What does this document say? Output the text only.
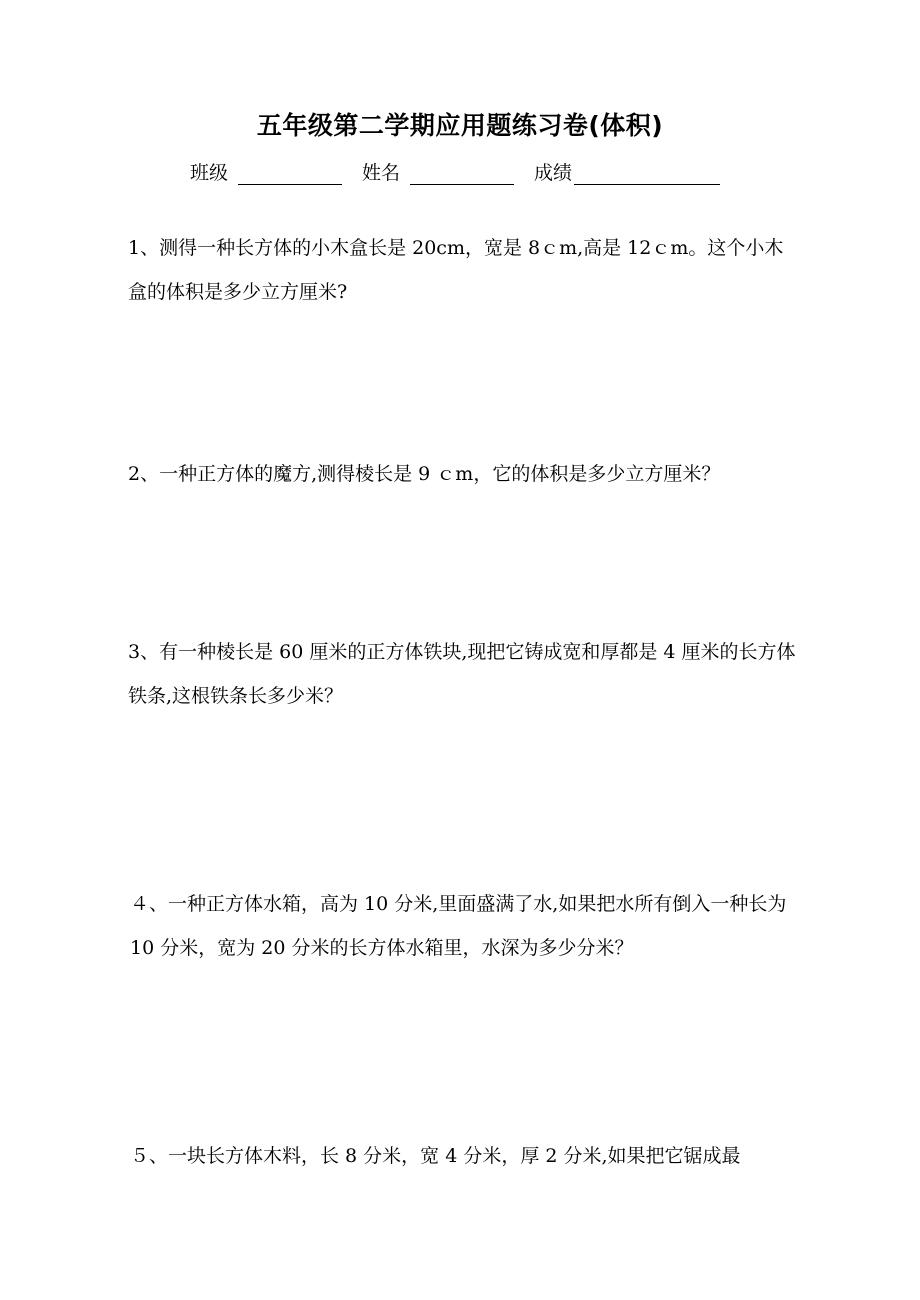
五年级第二学期应用题练习卷(体积)
班级	姓名	成绩

1、测得一种长方体的小木盒长是 20cm，宽是 8ｃm,高是 12ｃm。这个小木盒的体积是多少立方厘米?

2、一种正方体的魔方,测得棱长是 9 ｃm，它的体积是多少立方厘米？

3、有一种棱长是 60 厘米的正方体铁块,现把它铸成宽和厚都是 4 厘米的长方体铁条,这根铁条长多少米？

４、一种正方体水箱，高为 10 分米,里面盛满了水,如果把水所有倒入一种长为 10 分米，宽为 20 分米的长方体水箱里，水深为多少分米？

５、一块长方体木料，长 8 分米，宽 4 分米，厚 2 分米,如果把它锯成最
